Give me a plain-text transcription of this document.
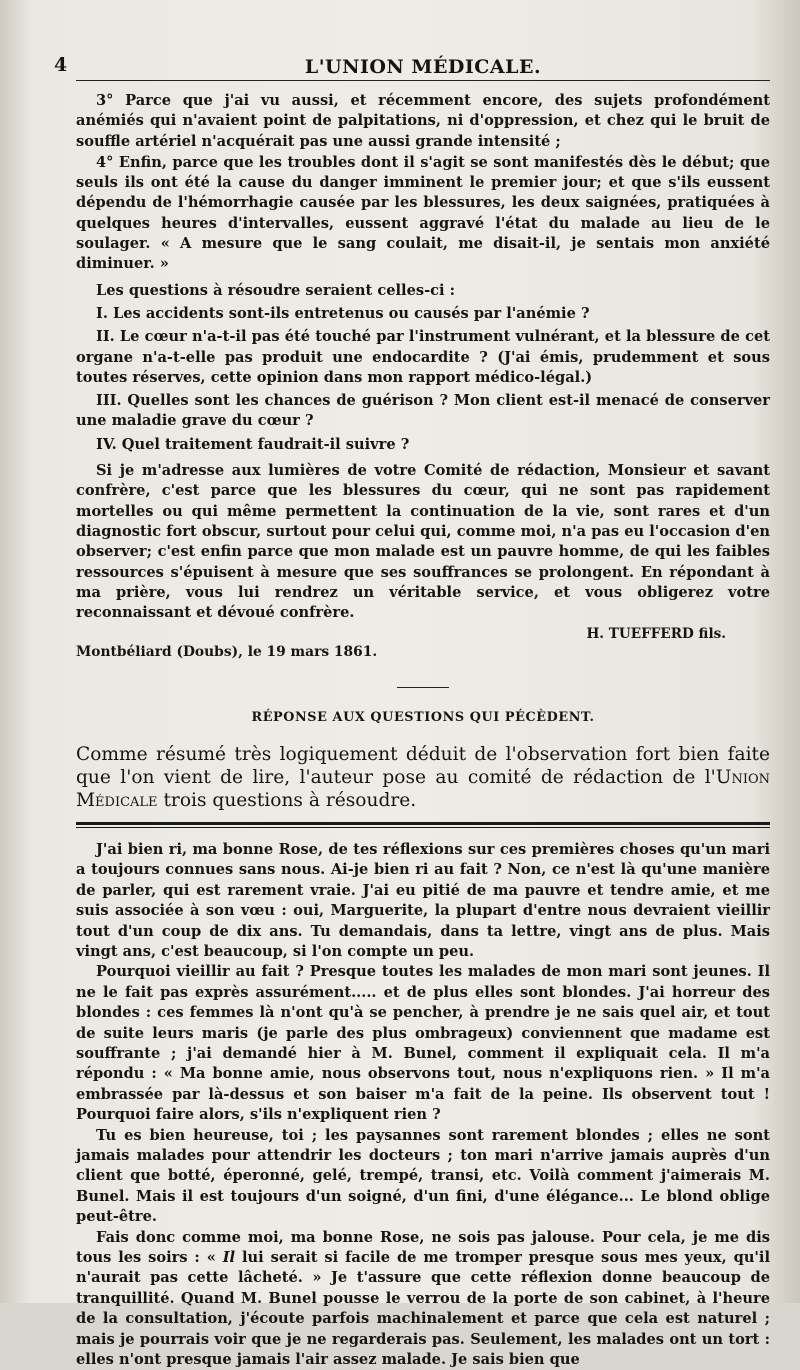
4	L'UNION MÉDICALE.

3° Parce que j'ai vu aussi, et récemment encore, des sujets profondément anémiés qui n'avaient point de palpitations, ni d'oppression, et chez qui le bruit de souffle artériel n'acquérait pas une aussi grande intensité ;

4° Enfin, parce que les troubles dont il s'agit se sont manifestés dès le début; que seuls ils ont été la cause du danger imminent le premier jour; et que s'ils eussent dépendu de l'hémorrhagie causée par les blessures, les deux saignées, pratiquées à quelques heures d'intervalles, eussent aggravé l'état du malade au lieu de le soulager. « A mesure que le sang coulait, me disait-il, je sentais mon anxiété diminuer. »

Les questions à résoudre seraient celles-ci :

I. Les accidents sont-ils entretenus ou causés par l'anémie ?

II. Le cœur n'a-t-il pas été touché par l'instrument vulnérant, et la blessure de cet organe n'a-t-elle pas produit une endocardite ? (J'ai émis, prudemment et sous toutes réserves, cette opinion dans mon rapport médico-légal.)

III. Quelles sont les chances de guérison ? Mon client est-il menacé de conserver une maladie grave du cœur ?

IV. Quel traitement faudrait-il suivre ?

Si je m'adresse aux lumières de votre Comité de rédaction, Monsieur et savant confrère, c'est parce que les blessures du cœur, qui ne sont pas rapidement mortelles ou qui même permettent la continuation de la vie, sont rares et d'un diagnostic fort obscur, surtout pour celui qui, comme moi, n'a pas eu l'occasion d'en observer; c'est enfin parce que mon malade est un pauvre homme, de qui les faibles ressources s'épuisent à mesure que ses souffrances se prolongent. En répondant à ma prière, vous lui rendrez un véritable service, et vous obligerez votre reconnaissant et dévoué confrère.

H. TUEFFERD fils.

Montbéliard (Doubs), le 19 mars 1861.

RÉPONSE AUX QUESTIONS QUI PÉCÈDENT.

Comme résumé très logiquement déduit de l'observation fort bien faite que l'on vient de lire, l'auteur pose au comité de rédaction de l'Union Médicale trois questions à résoudre.

J'ai bien ri, ma bonne Rose, de tes réflexions sur ces premières choses qu'un mari a toujours connues sans nous. Ai-je bien ri au fait ? Non, ce n'est là qu'une manière de parler, qui est rarement vraie. J'ai eu pitié de ma pauvre et tendre amie, et me suis associée à son vœu : oui, Marguerite, la plupart d'entre nous devraient vieillir tout d'un coup de dix ans. Tu demandais, dans ta lettre, vingt ans de plus. Mais vingt ans, c'est beaucoup, si l'on compte un peu.

Pourquoi vieillir au fait ? Presque toutes les malades de mon mari sont jeunes. Il ne le fait pas exprès assurément..... et de plus elles sont blondes. J'ai horreur des blondes : ces femmes là n'ont qu'à se pencher, à prendre je ne sais quel air, et tout de suite leurs maris (je parle des plus ombrageux) conviennent que madame est souffrante ; j'ai demandé hier à M. Bunel, comment il expliquait cela. Il m'a répondu : « Ma bonne amie, nous observons tout, nous n'expliquons rien. » Il m'a embrassée par là-dessus et son baiser m'a fait de la peine. Ils observent tout ! Pourquoi faire alors, s'ils n'expliquent rien ?

Tu es bien heureuse, toi ; les paysannes sont rarement blondes ; elles ne sont jamais malades pour attendrir les docteurs ; ton mari n'arrive jamais auprès d'un client que botté, éperonné, gelé, trempé, transi, etc. Voilà comment j'aimerais M. Bunel. Mais il est toujours d'un soigné, d'un fini, d'une élégance... Le blond oblige peut-être.

Fais donc comme moi, ma bonne Rose, ne sois pas jalouse. Pour cela, je me dis tous les soirs : « Il lui serait si facile de me tromper presque sous mes yeux, qu'il n'aurait pas cette lâcheté. » Je t'assure que cette réflexion donne beaucoup de tranquillité. Quand M. Bunel pousse le verrou de la porte de son cabinet, à l'heure de la consultation, j'écoute parfois machinalement et parce que cela est naturel ; mais je pourrais voir que je ne regarderais pas. Seulement, les malades ont un tort : elles n'ont presque jamais l'air assez malade. Je sais bien que
